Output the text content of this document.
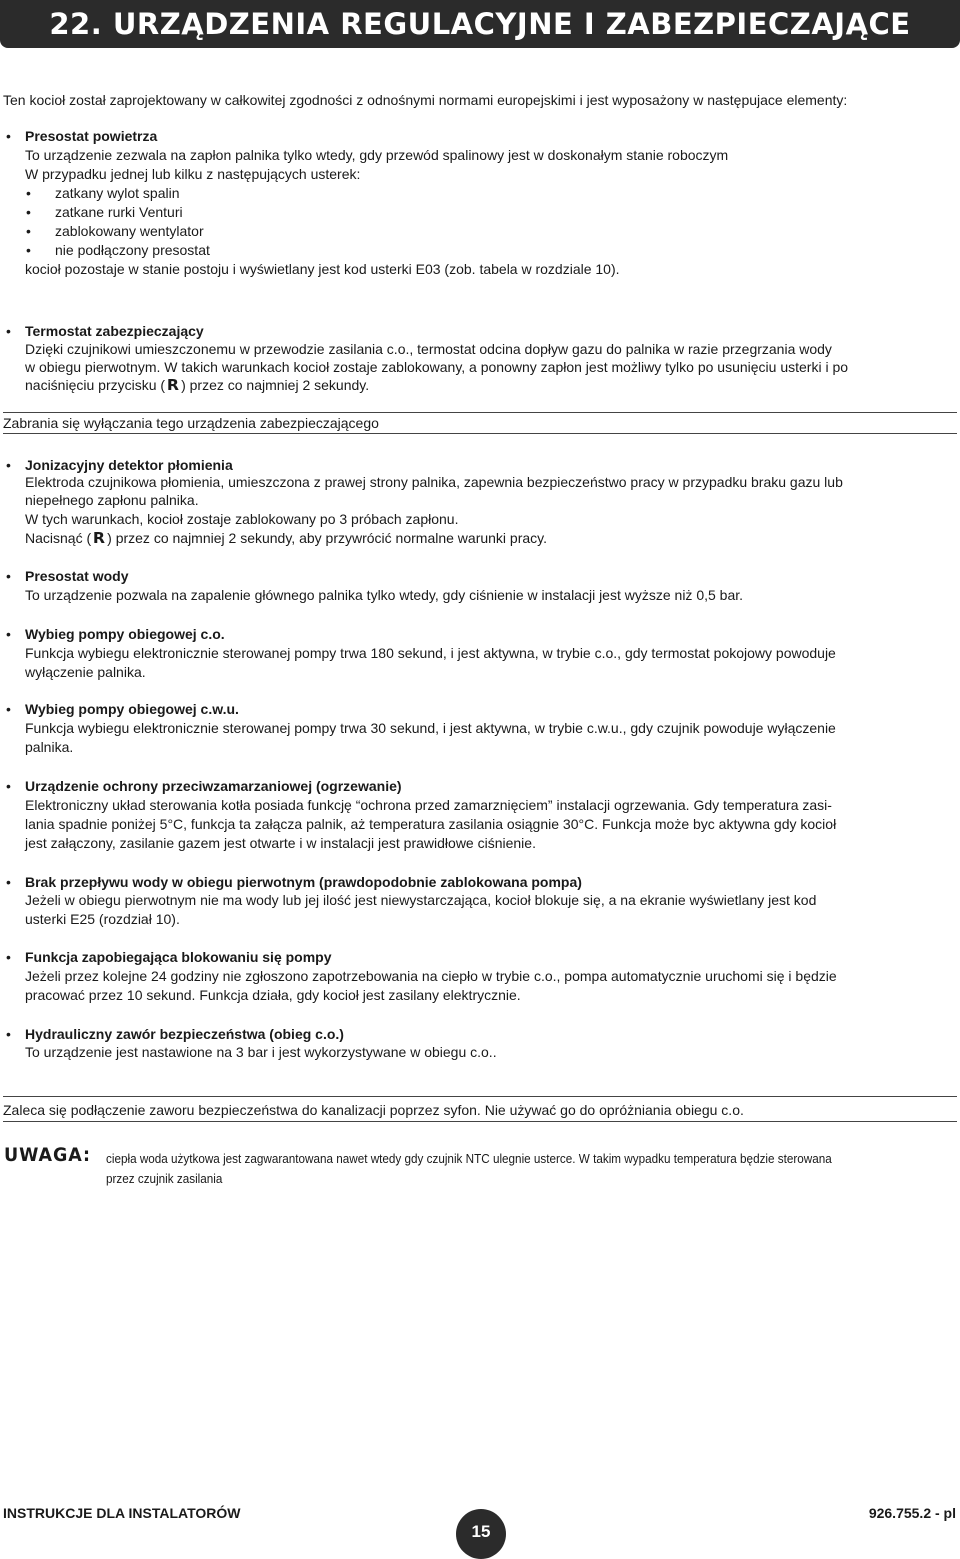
22. URZĄDZENIA REGULACYJNE I ZABEZPIECZAJĄCE
Ten kocioł został zaprojektowany w całkowitej zgodności z odnośnymi normami europejskimi i jest wyposażony w następujace elementy:
• Presostat powietrza
To urządzenie zezwala na zapłon palnika tylko wtedy, gdy przewód spalinowy jest w doskonałym stanie roboczym
W przypadku jednej lub kilku z następujących usterek:
• zatkany wylot spalin
• zatkane rurki Venturi
• zablokowany wentylator
• nie podłączony presostat
kocioł pozostaje w stanie postoju i wyświetlany jest kod usterki E03 (zob. tabela w rozdziale 10).
• Termostat zabezpieczający
Dzięki czujnikowi umieszczonemu w przewodzie zasilania c.o., termostat odcina dopływ gazu do palnika w razie przegrzania wody
w obiegu pierwotnym. W takich warunkach kocioł zostaje zablokowany, a ponowny zapłon jest możliwy tylko po usunięciu usterki i po
naciśnięciu przycisku ( R ) przez co najmniej 2 sekundy.
Zabrania się wyłączania tego urządzenia zabezpieczającego
• Jonizacyjny detektor płomienia
Elektroda czujnikowa płomienia, umieszczona z prawej strony palnika, zapewnia bezpieczeństwo pracy w przypadku braku gazu lub
niepełnego zapłonu palnika.
W tych warunkach, kocioł zostaje zablokowany po 3 próbach zapłonu.
Nacisnąć ( R ) przez co najmniej 2 sekundy, aby przywrócić normalne warunki pracy.
• Presostat wody
To urządzenie pozwala na zapalenie głównego palnika tylko wtedy, gdy ciśnienie w instalacji jest wyższe niż 0,5 bar.
• Wybieg pompy obiegowej c.o.
Funkcja wybiegu elektronicznie sterowanej pompy trwa 180 sekund, i jest aktywna, w trybie c.o., gdy termostat pokojowy powoduje
wyłączenie palnika.
• Wybieg pompy obiegowej c.w.u.
Funkcja wybiegu elektronicznie sterowanej pompy trwa 30 sekund, i jest aktywna, w trybie c.w.u., gdy czujnik powoduje wyłączenie
palnika.
• Urządzenie ochrony przeciwzamarzaniowej (ogrzewanie)
Elektroniczny układ sterowania kotła posiada funkcję “ochrona przed zamarznięciem” instalacji ogrzewania. Gdy temperatura zasi-
lania spadnie poniżej 5°C, funkcja ta załącza palnik, aż temperatura zasilania osiągnie 30°C. Funkcja może byc aktywna gdy kocioł
jest załączony, zasilanie gazem jest otwarte i w instalacji jest prawidłowe ciśnienie.
• Brak przepływu wody w obiegu pierwotnym (prawdopodobnie zablokowana pompa)
Jeżeli w obiegu pierwotnym nie ma wody lub jej ilość jest niewystarczająca, kocioł blokuje się, a na ekranie wyświetlany jest kod
usterki E25 (rozdział 10).
• Funkcja zapobiegająca blokowaniu się pompy
Jeżeli przez kolejne 24 godziny nie zgłoszono zapotrzebowania na ciepło w trybie c.o., pompa automatycznie uruchomi się i będzie
pracować przez 10 sekund. Funkcja działa, gdy kocioł jest zasilany elektrycznie.
• Hydrauliczny zawór bezpieczeństwa (obieg c.o.)
To urządzenie jest nastawione na 3 bar i jest wykorzystywane w obiegu c.o..
Zaleca się podłączenie zaworu bezpieczeństwa do kanalizacji poprzez syfon. Nie używać go do opróżniania obiegu c.o.
UWAGA: ciepła woda użytkowa jest zagwarantowana nawet wtedy gdy czujnik NTC ulegnie usterce. W takim wypadku temperatura będzie sterowana przez czujnik zasilania
INSTRUKCJE DLA INSTALATORÓW
15
926.755.2 - pl
